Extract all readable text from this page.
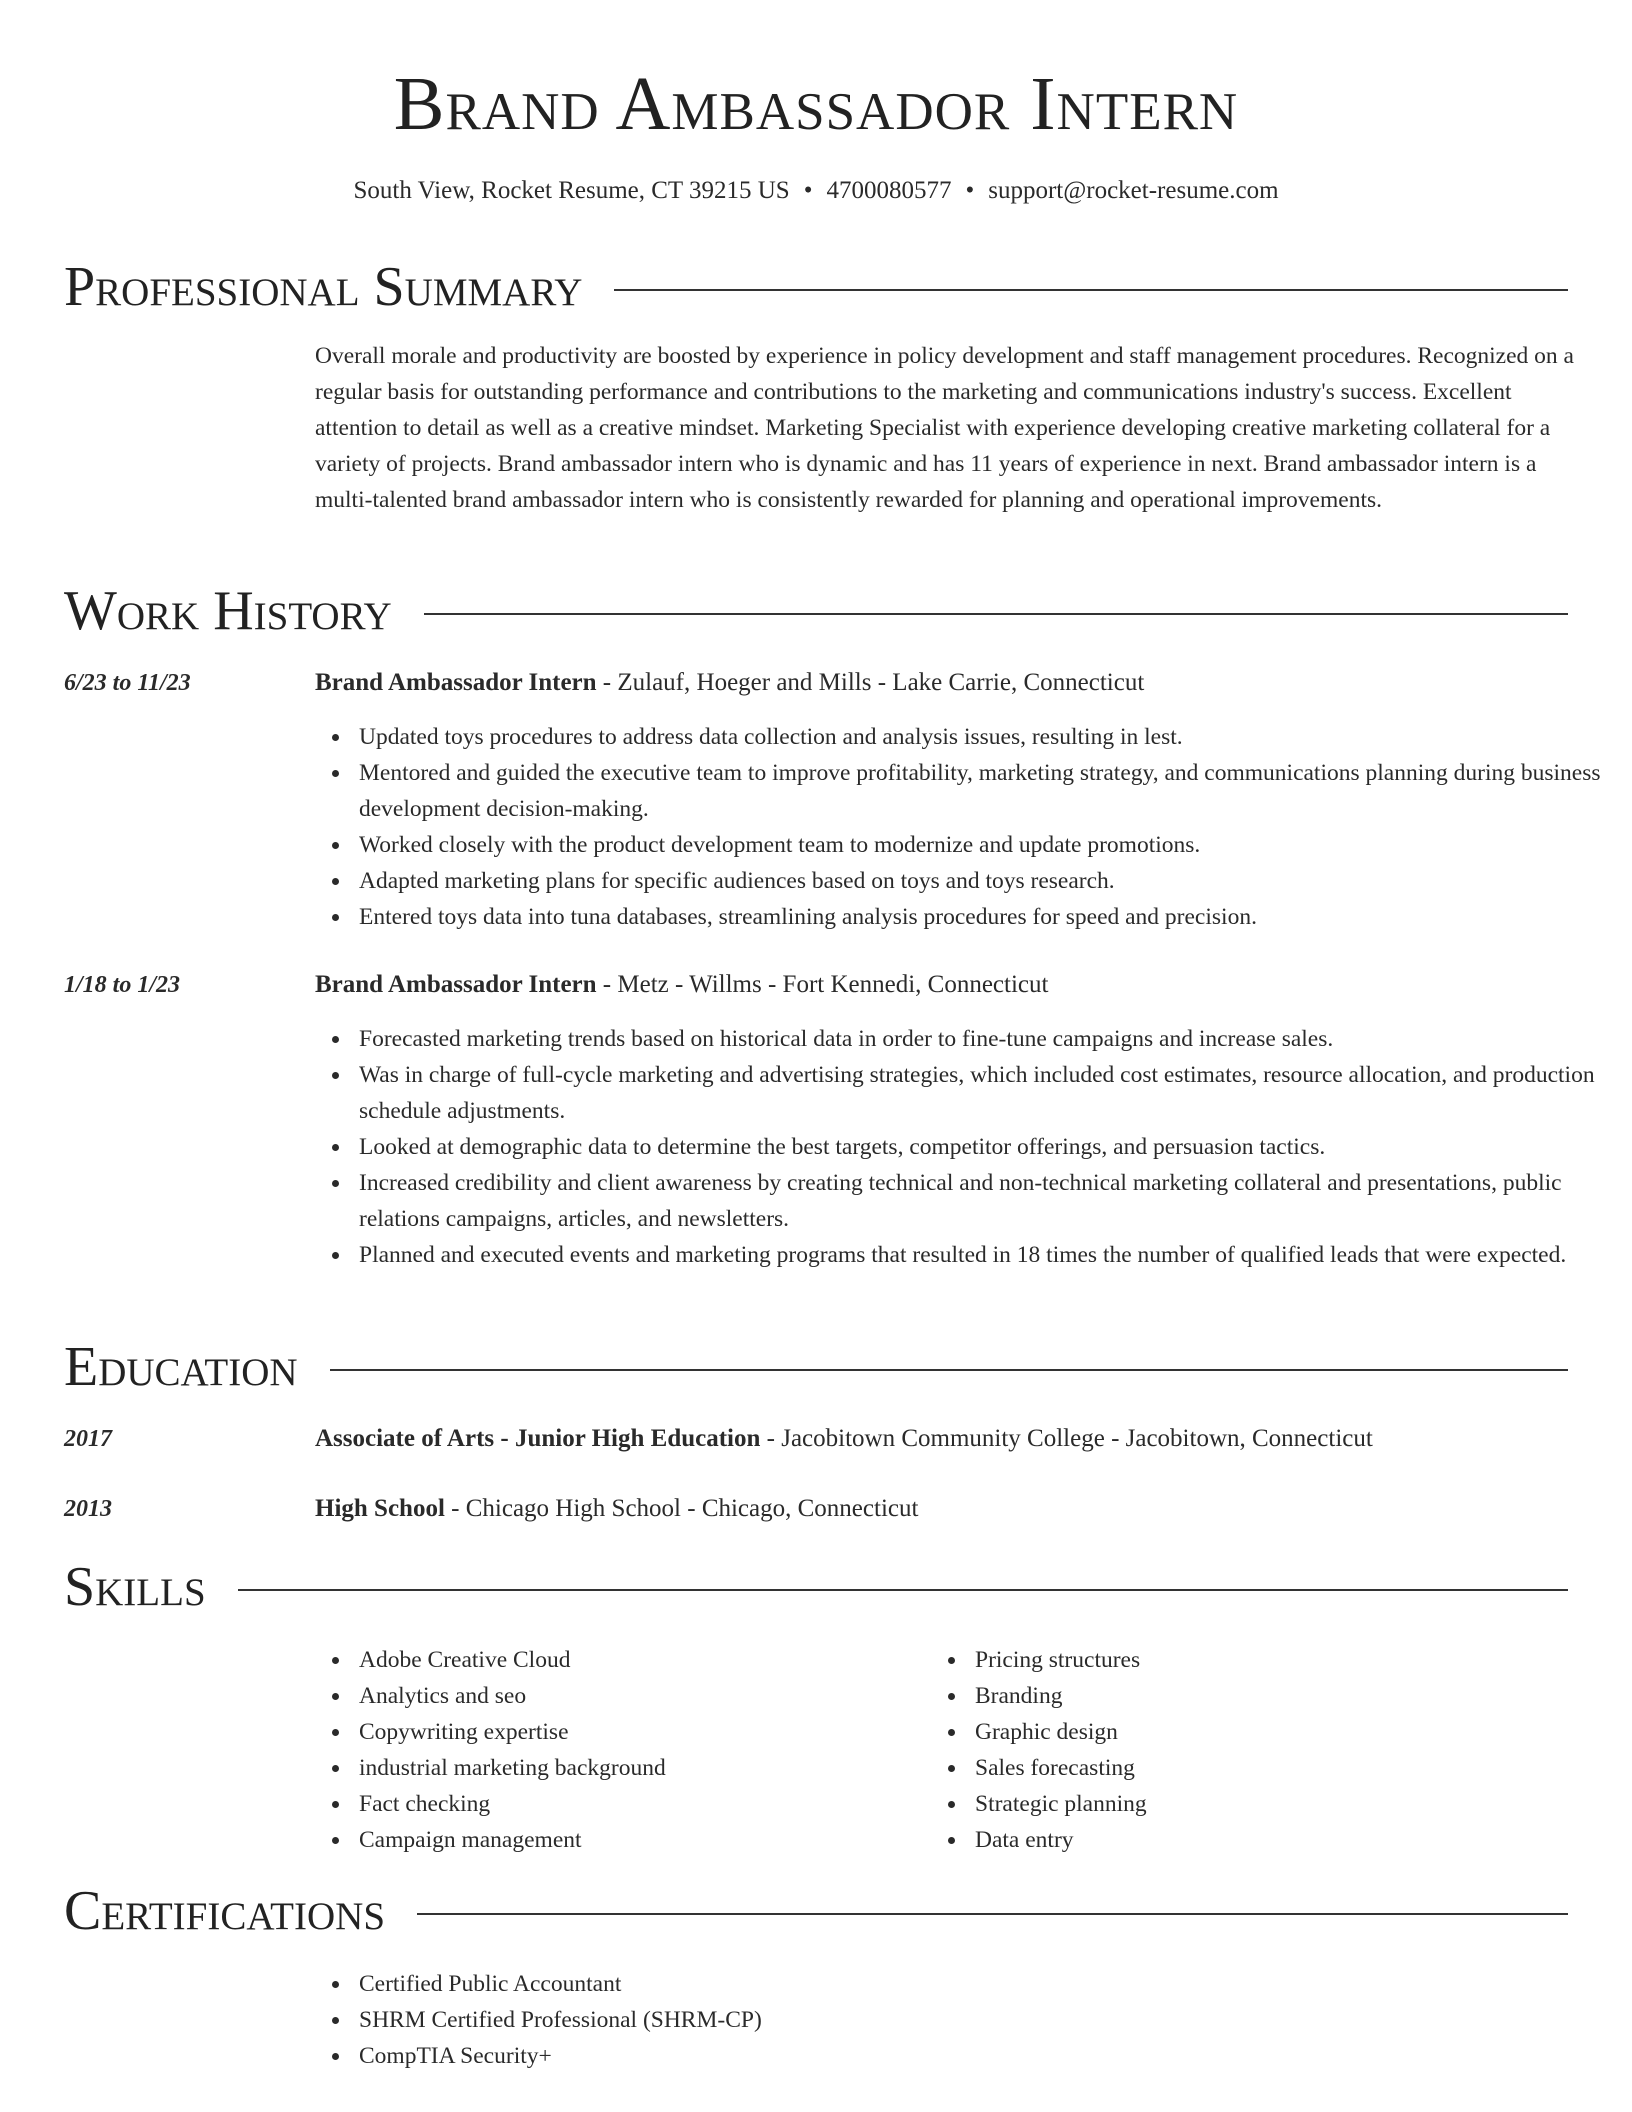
Brand Ambassador Intern
South View, Rocket Resume, CT 39215 US • 4700080577 • support@rocket-resume.com
Professional Summary

Overall morale and productivity are boosted by experience in policy development and staff management procedures. Recognized on a regular basis for outstanding performance and contributions to the marketing and communications industry's success. Excellent attention to detail as well as a creative mindset. Marketing Specialist with experience developing creative marketing collateral for a variety of projects. Brand ambassador intern who is dynamic and has 11 years of experience in next. Brand ambassador intern is a multi-talented brand ambassador intern who is consistently rewarded for planning and operational improvements.

Work History
6/23 to 11/23	Brand Ambassador Intern - Zulauf, Hoeger and Mills - Lake Carrie, Connecticut
Updated toys procedures to address data collection and analysis issues, resulting in lest.
Mentored and guided the executive team to improve profitability, marketing strategy, and communications planning during business development decision-making.
Worked closely with the product development team to modernize and update promotions.
Adapted marketing plans for specific audiences based on toys and toys research.
Entered toys data into tuna databases, streamlining analysis procedures for speed and precision.
1/18 to 1/23	Brand Ambassador Intern - Metz - Willms - Fort Kennedi, Connecticut
Forecasted marketing trends based on historical data in order to fine-tune campaigns and increase sales.
Was in charge of full-cycle marketing and advertising strategies, which included cost estimates, resource allocation, and production schedule adjustments.
Looked at demographic data to determine the best targets, competitor offerings, and persuasion tactics.
Increased credibility and client awareness by creating technical and non-technical marketing collateral and presentations, public relations campaigns, articles, and newsletters.
Planned and executed events and marketing programs that resulted in 18 times the number of qualified leads that were expected.
Education
2017	Associate of Arts - Junior High Education - Jacobitown Community College - Jacobitown, Connecticut
2013	High School - Chicago High School - Chicago, Connecticut
Skills
Adobe Creative Cloud
Analytics and seo
Copywriting expertise
industrial marketing background
Fact checking
Campaign management
Pricing structures
Branding
Graphic design
Sales forecasting
Strategic planning
Data entry
Certifications
Certified Public Accountant
SHRM Certified Professional (SHRM-CP)
CompTIA Security+
